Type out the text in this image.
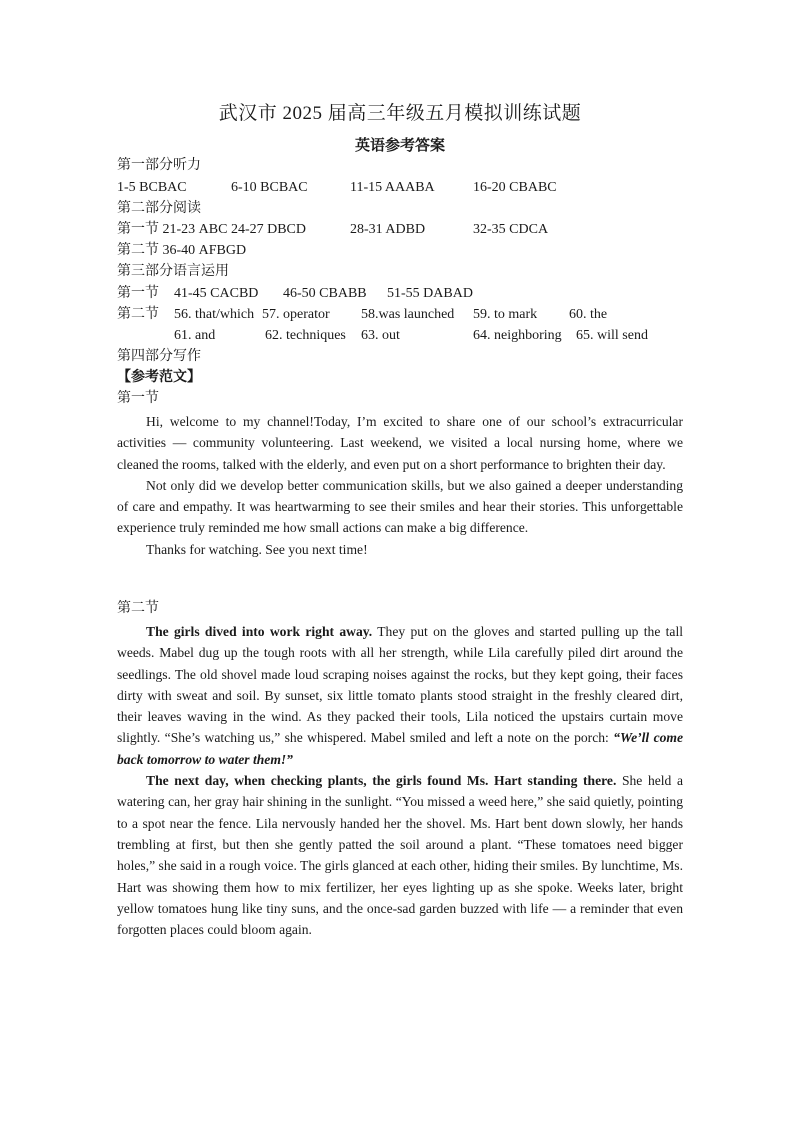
武汉市 2025 届高三年级五月模拟训练试题
英语参考答案
第一部分听力
1-5 BCBAC	6-10 BCBAC	11-15 AAABA	16-20 CBABC
第二部分阅读
第一节 21-23 ABC 24-27 DBCD	28-31 ADBD	32-35 CDCA
第二节 36-40 AFBGD
第三部分语言运用
第一节 41-45 CACBD 46-50 CBABB 51-55 DABAD
第二节 56. that/which 57. operator 58.was launched 59. to mark 60. the
61. and	62. techniques 63. out	64. neighboring 65. will send
第四部分写作
【参考范文】
第一节

Hi, welcome to my channel!Today, I’m excited to share one of our school’s extracurricular activities — community volunteering. Last weekend, we visited a local nursing home, where we cleaned the rooms, talked with the elderly, and even put on a short performance to brighten their day.

Not only did we develop better communication skills, but we also gained a deeper understanding of care and empathy. It was heartwarming to see their smiles and hear their stories. This unforgettable experience truly reminded me how small actions can make a big difference.

Thanks for watching. See you next time!

第二节

The girls dived into work right away. They put on the gloves and started pulling up the tall weeds. Mabel dug up the tough roots with all her strength, while Lila carefully piled dirt around the seedlings. The old shovel made loud scraping noises against the rocks, but they kept going, their faces dirty with sweat and soil. By sunset, six little tomato plants stood straight in the freshly cleared dirt, their leaves waving in the wind. As they packed their tools, Lila noticed the upstairs curtain move slightly. “She’s watching us,” she whispered. Mabel smiled and left a note on the porch: “We’ll come back tomorrow to water them!”

The next day, when checking plants, the girls found Ms. Hart standing there. She held a watering can, her gray hair shining in the sunlight. “You missed a weed here,” she said quietly, pointing to a spot near the fence. Lila nervously handed her the shovel. Ms. Hart bent down slowly, her hands trembling at first, but then she gently patted the soil around a plant. “These tomatoes need bigger holes,” she said in a rough voice. The girls glanced at each other, hiding their smiles. By lunchtime, Ms. Hart was showing them how to mix fertilizer, her eyes lighting up as she spoke. Weeks later, bright yellow tomatoes hung like tiny suns, and the once-sad garden buzzed with life — a reminder that even forgotten places could bloom again.
